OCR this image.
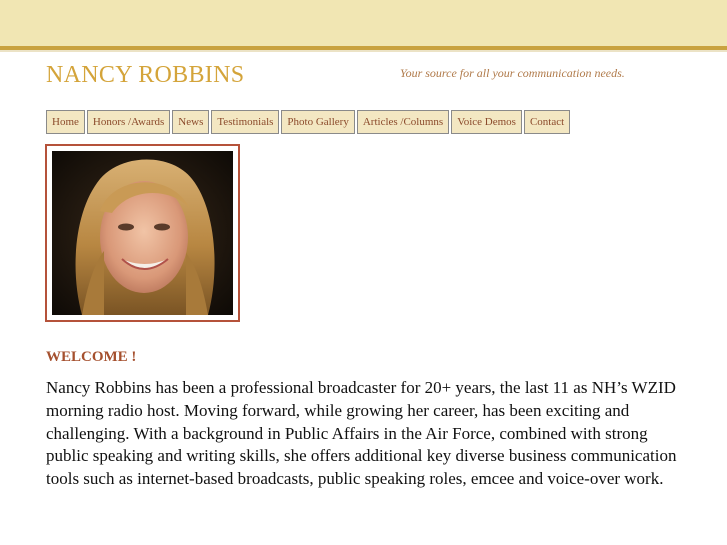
NANCY ROBBINS	Your source for all your communication needs.
Home	Honors /Awards	News	Testimonials	Photo Gallery	Articles /Columns	Voice Demos	Contact
WELCOME !

Nancy Robbins has been a professional broadcaster for 20+ years, the last 11 as NH’s WZID morning radio host. Moving forward, while growing her career, has been exciting and challenging. With a background in Public Affairs in the Air Force, combined with strong public speaking and writing skills, she offers additional key diverse business communication tools such as internet-based broadcasts, public speaking roles, emcee and voice-over work.
